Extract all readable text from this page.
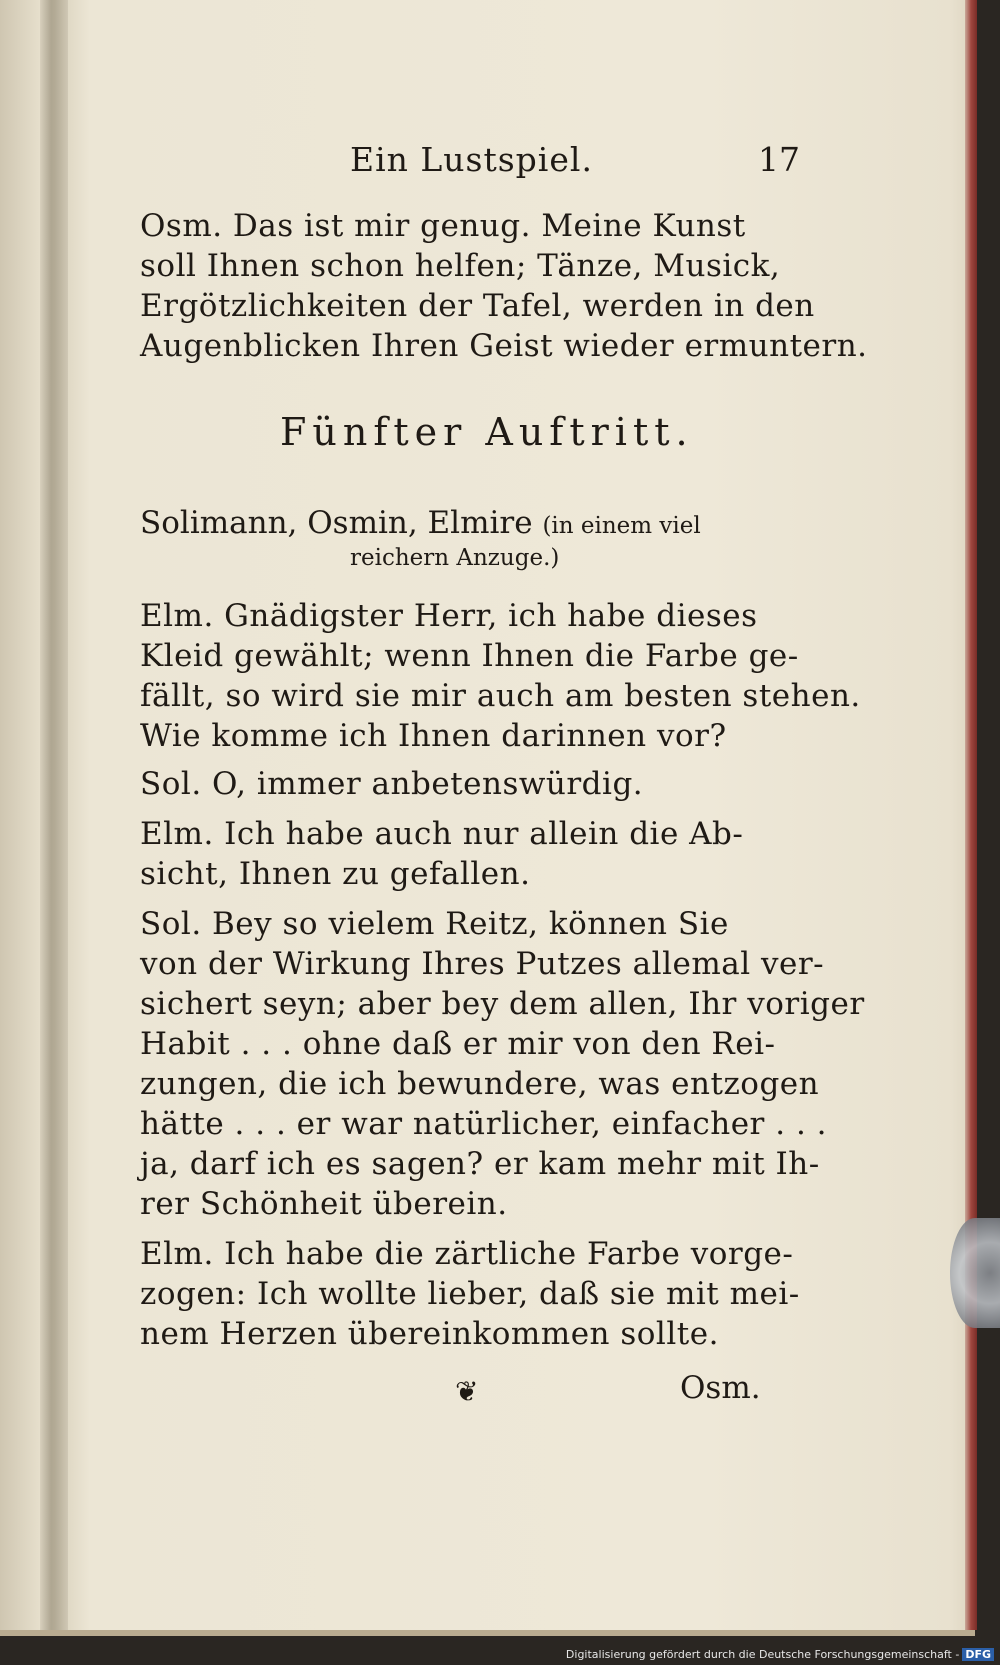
Ein Lustspiel.	17
Osm. Das ist mir genug. Meine Kunst
soll Ihnen schon helfen; Tänze, Musick,
Ergötzlichkeiten der Tafel, werden in den
Augenblicken Ihren Geist wieder ermuntern.
Fünfter Auftritt.
Solimann, Osmin, Elmire (in einem viel
reichern Anzuge.)
Elm. Gnädigster Herr, ich habe dieses
Kleid gewählt; wenn Ihnen die Farbe ge-
fällt, so wird sie mir auch am besten stehen.
Wie komme ich Ihnen darinnen vor?
Sol. O, immer anbetenswürdig.
Elm. Ich habe auch nur allein die Ab-
sicht, Ihnen zu gefallen.
Sol. Bey so vielem Reitz, können Sie
von der Wirkung Ihres Putzes allemal ver-
sichert seyn; aber bey dem allen, Ihr voriger
Habit . . . ohne daß er mir von den Rei-
zungen, die ich bewundere, was entzogen
hätte . . . er war natürlicher, einfacher . . .
ja, darf ich es sagen? er kam mehr mit Ih-
rer Schönheit überein.
Elm. Ich habe die zärtliche Farbe vorge-
zogen: Ich wollte lieber, daß sie mit mei-
nem Herzen übereinkommen sollte.
❦	Osm.
Digitalisierung gefördert durch die Deutsche Forschungsgemeinschaft - DFG
